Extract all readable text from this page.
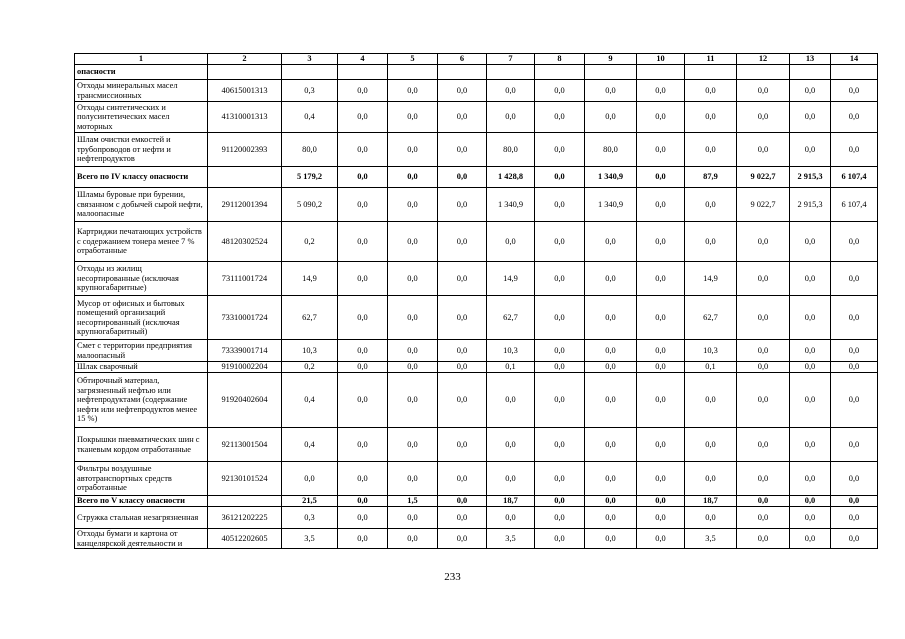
1	2	3	4	5	6	7	8	9	10	11	12	13	14
опасности													
Отходы минеральных масел трансмиссионных	40615001313	0,3	0,0	0,0	0,0	0,0	0,0	0,0	0,0	0,0	0,0	0,0	0,0
Отходы синтетических и полусинтетических масел моторных	41310001313	0,4	0,0	0,0	0,0	0,0	0,0	0,0	0,0	0,0	0,0	0,0	0,0
Шлам очистки емкостей и трубопроводов от нефти и нефтепродуктов	91120002393	80,0	0,0	0,0	0,0	80,0	0,0	80,0	0,0	0,0	0,0	0,0	0,0
Всего по IV классу опасности		5 179,2	0,0	0,0	0,0	1 428,8	0,0	1 340,9	0,0	87,9	9 022,7	2 915,3	6 107,4
Шламы буровые при бурении, связанном с добычей сырой нефти, малоопасные	29112001394	5 090,2	0,0	0,0	0,0	1 340,9	0,0	1 340,9	0,0	0,0	9 022,7	2 915,3	6 107,4
Картриджи печатающих устройств с содержанием тонера менее 7 % отработанные	48120302524	0,2	0,0	0,0	0,0	0,0	0,0	0,0	0,0	0,0	0,0	0,0	0,0
Отходы из жилищ несортированные (исключая крупногабаритные)	73111001724	14,9	0,0	0,0	0,0	14,9	0,0	0,0	0,0	14,9	0,0	0,0	0,0
Мусор от офисных и бытовых помещений организаций несортированный (исключая крупногабаритный)	73310001724	62,7	0,0	0,0	0,0	62,7	0,0	0,0	0,0	62,7	0,0	0,0	0,0
Смет с территории предприятия малоопасный	73339001714	10,3	0,0	0,0	0,0	10,3	0,0	0,0	0,0	10,3	0,0	0,0	0,0
Шлак сварочный	91910002204	0,2	0,0	0,0	0,0	0,1	0,0	0,0	0,0	0,1	0,0	0,0	0,0
Обтирочный материал, загрязненный нефтью или нефтепродуктами (содержание нефти или нефтепродуктов менее 15 %)	91920402604	0,4	0,0	0,0	0,0	0,0	0,0	0,0	0,0	0,0	0,0	0,0	0,0
Покрышки пневматических шин с тканевым кордом отработанные	92113001504	0,4	0,0	0,0	0,0	0,0	0,0	0,0	0,0	0,0	0,0	0,0	0,0
Фильтры воздушные автотранспортных средств отработанные	92130101524	0,0	0,0	0,0	0,0	0,0	0,0	0,0	0,0	0,0	0,0	0,0	0,0
Всего по V классу опасности		21,5	0,0	1,5	0,0	18,7	0,0	0,0	0,0	18,7	0,0	0,0	0,0
Стружка стальная незагрязненная	36121202225	0,3	0,0	0,0	0,0	0,0	0,0	0,0	0,0	0,0	0,0	0,0	0,0
Отходы бумаги и картона от канцелярской деятельности и	40512202605	3,5	0,0	0,0	0,0	3,5	0,0	0,0	0,0	3,5	0,0	0,0	0,0
233
